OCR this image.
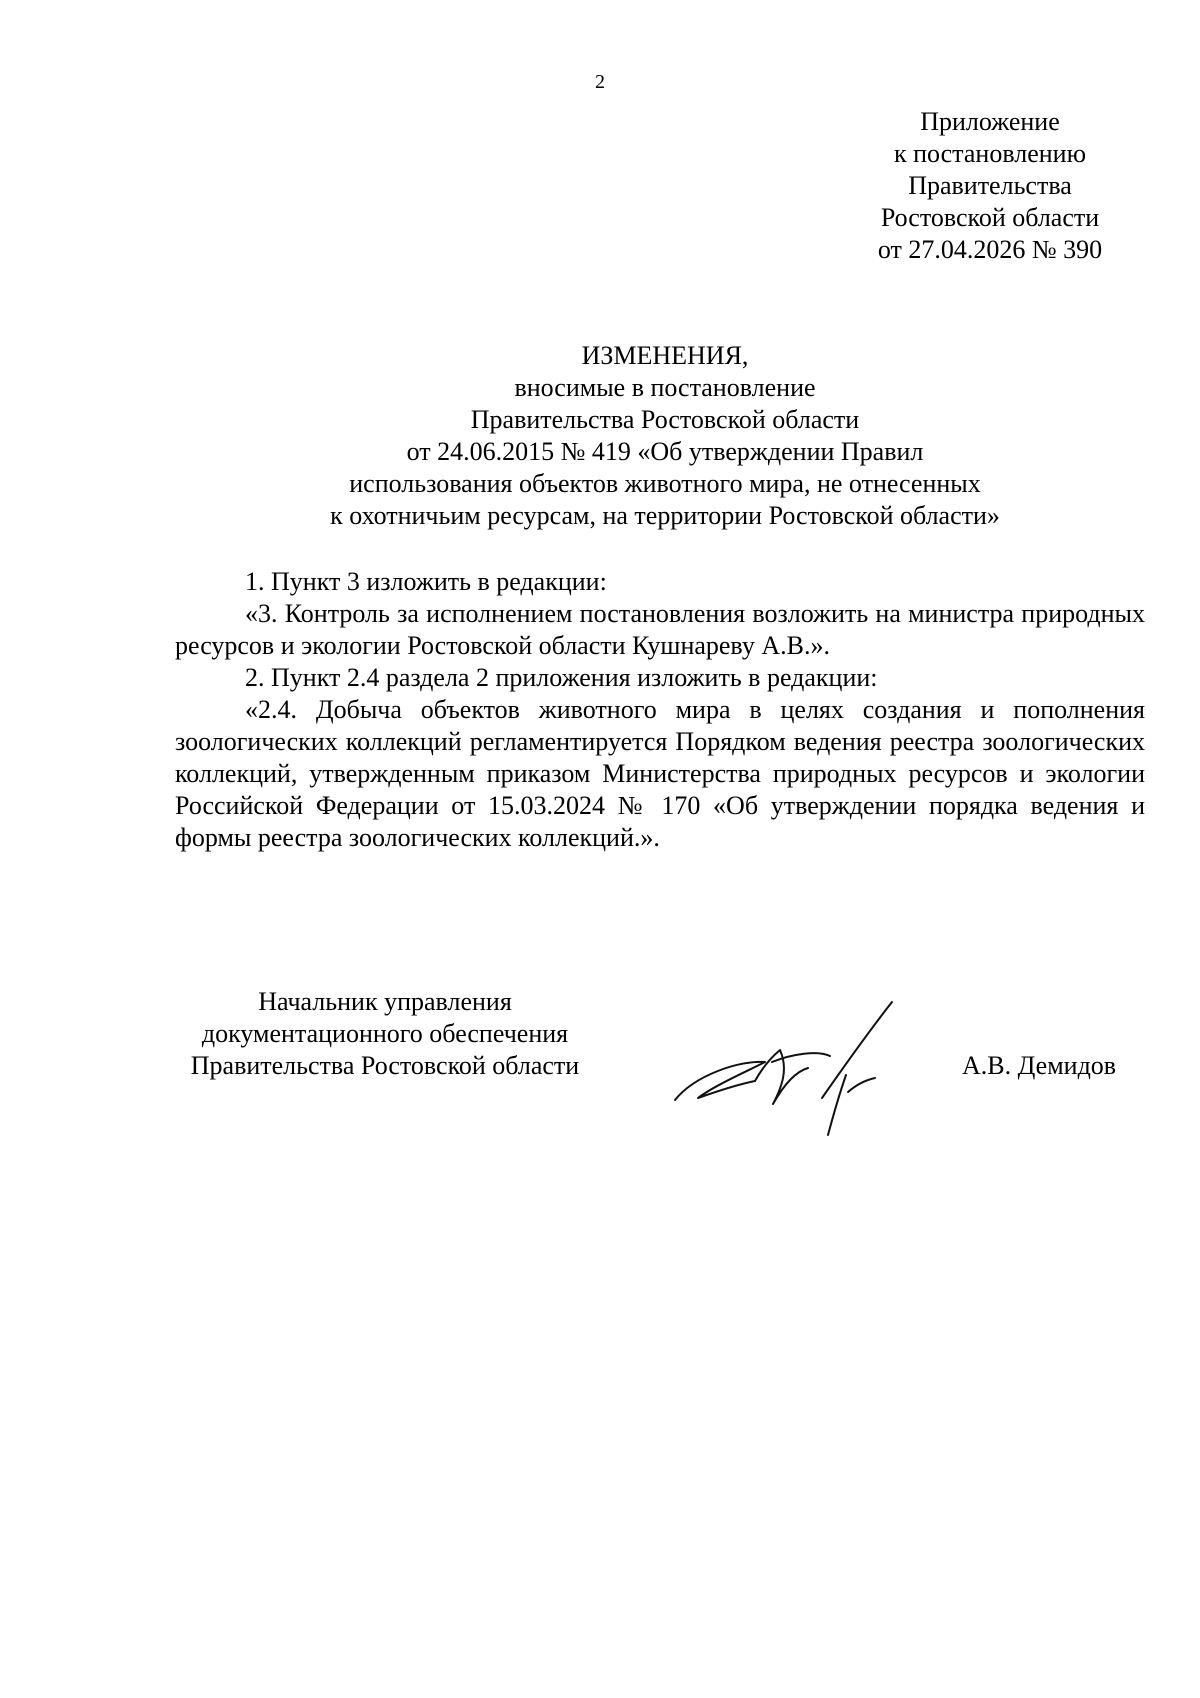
2
Приложение
к постановлению
Правительства
Ростовской области
от 27.04.2026 № 390
ИЗМЕНЕНИЯ,
вносимые в постановление
Правительства Ростовской области
от 24.06.2015 № 419 «Об утверждении Правил
использования объектов животного мира, не отнесенных
к охотничьим ресурсам, на территории Ростовской области»

1. Пункт 3 изложить в редакции:

«3. Контроль за исполнением постановления возложить на министра природных ресурсов и экологии Ростовской области Кушнареву А.В.».

2. Пункт 2.4 раздела 2 приложения изложить в редакции:

«2.4. Добыча объектов животного мира в целях создания и пополнения зоологических коллекций регламентируется Порядком ведения реестра зоологических коллекций, утвержденным приказом Министерства природных ресурсов и экологии Российской Федерации от 15.03.2024 № 170 «Об утверждении порядка ведения и формы реестра зоологических коллекций.».

Начальник управления
документационного обеспечения
Правительства Ростовской области	А.В. Демидов
